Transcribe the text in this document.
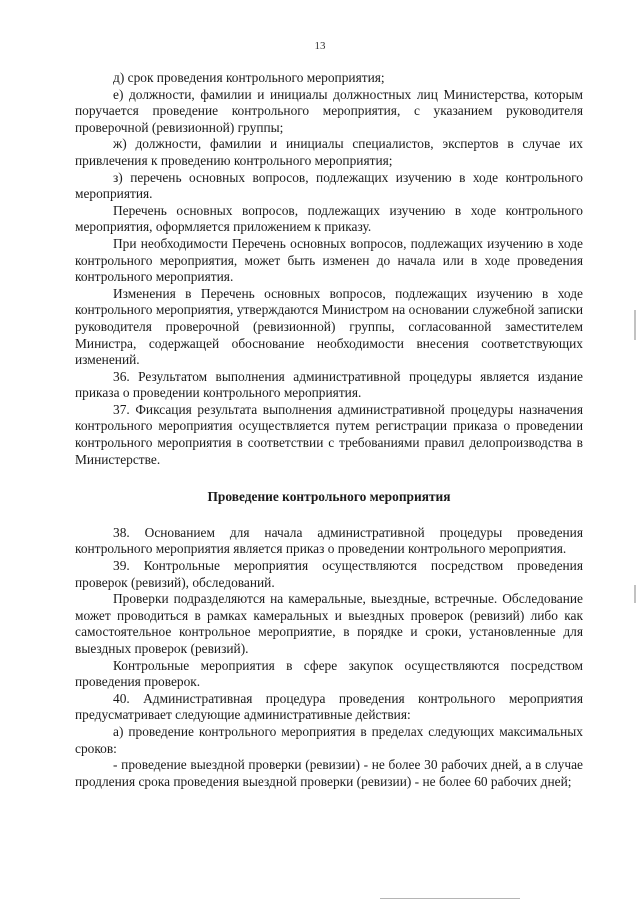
13

д) срок проведения контрольного мероприятия;

е) должности, фамилии и инициалы должностных лиц Министерства, которым поручается проведение контрольного мероприятия, с указанием руководителя проверочной (ревизионной) группы;

ж) должности, фамилии и инициалы специалистов, экспертов в случае их привлечения к проведению контрольного мероприятия;

з) перечень основных вопросов, подлежащих изучению в ходе контрольного мероприятия.

Перечень основных вопросов, подлежащих изучению в ходе контрольного мероприятия, оформляется приложением к приказу.

При необходимости Перечень основных вопросов, подлежащих изучению в ходе контрольного мероприятия, может быть изменен до начала или в ходе проведения контрольного мероприятия.

Изменения в Перечень основных вопросов, подлежащих изучению в ходе контрольного мероприятия, утверждаются Министром на основании служебной записки руководителя проверочной (ревизионной) группы, согласованной заместителем Министра, содержащей обоснование необходимости внесения соответствующих изменений.

36. Результатом выполнения административной процедуры является издание приказа о проведении контрольного мероприятия.

37. Фиксация результата выполнения административной процедуры назначения контрольного мероприятия осуществляется путем регистрации приказа о проведении контрольного мероприятия в соответствии с требованиями правил делопроизводства в Министерстве.

Проведение контрольного мероприятия

38. Основанием для начала административной процедуры проведения контрольного мероприятия является приказ о проведении контрольного мероприятия.

39. Контрольные мероприятия осуществляются посредством проведения проверок (ревизий), обследований.

Проверки подразделяются на камеральные, выездные, встречные. Обследование может проводиться в рамках камеральных и выездных проверок (ревизий) либо как самостоятельное контрольное мероприятие, в порядке и сроки, установленные для выездных проверок (ревизий).

Контрольные мероприятия в сфере закупок осуществляются посредством проведения проверок.

40. Административная процедура проведения контрольного мероприятия предусматривает следующие административные действия:

а) проведение контрольного мероприятия в пределах следующих максимальных сроков:

- проведение выездной проверки (ревизии) - не более 30 рабочих дней, а в случае продления срока проведения выездной проверки (ревизии) - не более 60 рабочих дней;
